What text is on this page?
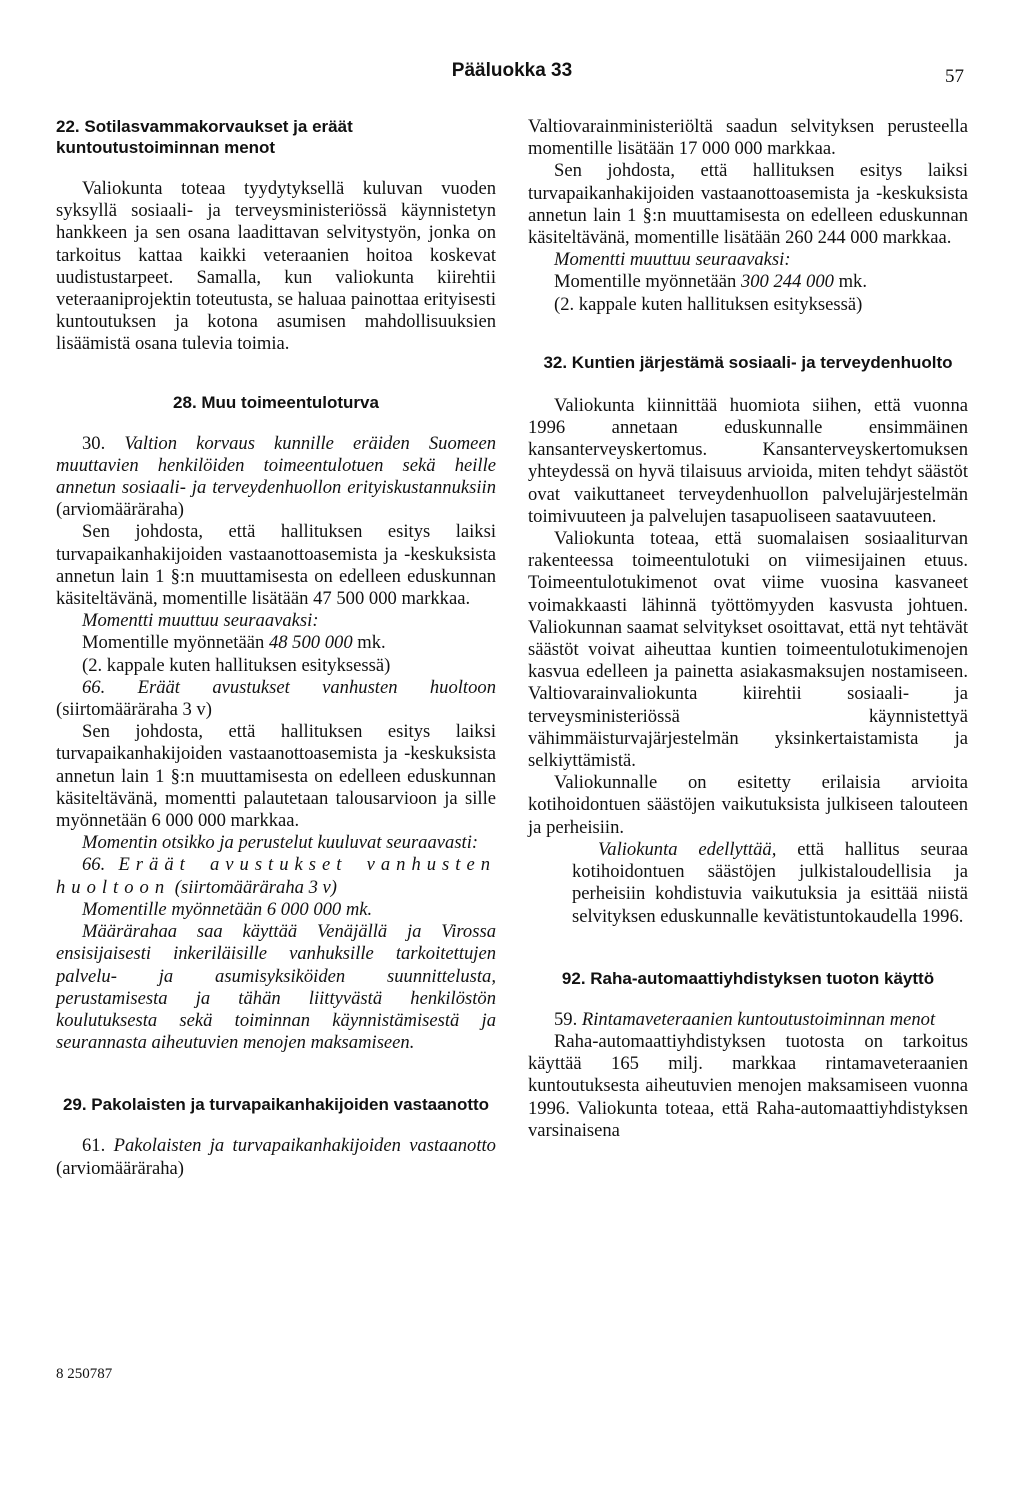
Pääluokka 33	57
22. Sotilasvammakorvaukset ja eräät kuntoutustoiminnan menot

Valiokunta toteaa tyydytyksellä kuluvan vuoden syksyllä sosiaali- ja terveysministeriössä käynnistetyn hankkeen ja sen osana laadittavan selvitystyön, jonka on tarkoitus kattaa kaikki veteraanien hoitoa koskevat uudistustarpeet. Samalla, kun valiokunta kiirehtii veteraaniprojektin toteutusta, se haluaa painottaa erityisesti kuntoutuksen ja kotona asumisen mahdollisuuksien lisäämistä osana tulevia toimia.

28. Muu toimeentuloturva

30. Valtion korvaus kunnille eräiden Suomeen muuttavien henkilöiden toimeentulotuen sekä heille annetun sosiaali- ja terveydenhuollon erityiskustannuksiin (arviomääräraha)

Sen johdosta, että hallituksen esitys laiksi turvapaikanhakijoiden vastaanottoasemista ja -keskuksista annetun lain 1 §:n muuttamisesta on edelleen eduskunnan käsiteltävänä, momentille lisätään 47 500 000 markkaa.

Momentti muuttuu seuraavaksi:

Momentille myönnetään 48 500 000 mk.

(2. kappale kuten hallituksen esityksessä)

66. Eräät avustukset vanhusten huoltoon (siirtomääräraha 3 v)

Sen johdosta, että hallituksen esitys laiksi turvapaikanhakijoiden vastaanottoasemista ja -keskuksista annetun lain 1 §:n muuttamisesta on edelleen eduskunnan käsiteltävänä, momentti palautetaan talousarvioon ja sille myönnetään 6 000 000 markkaa.

Momentin otsikko ja perustelut kuuluvat seuraavasti:

66. Eräät avustukset vanhusten huoltoon (siirtomääräraha 3 v)

Momentille myönnetään 6 000 000 mk.

Määrärahaa saa käyttää Venäjällä ja Virossa ensisijaisesti inkeriläisille vanhuksille tarkoitettujen palvelu- ja asumisyksiköiden suunnittelusta, perustamisesta ja tähän liittyvästä henkilöstön koulutuksesta sekä toiminnan käynnistämisestä ja seurannasta aiheutuvien menojen maksamiseen.

29. Pakolaisten ja turvapaikanhakijoiden vastaanotto

61. Pakolaisten ja turvapaikanhakijoiden vastaanotto (arviomääräraha)

Valtiovarainministeriöltä saadun selvityksen perusteella momentille lisätään 17 000 000 markkaa.

Sen johdosta, että hallituksen esitys laiksi turvapaikanhakijoiden vastaanottoasemista ja -keskuksista annetun lain 1 §:n muuttamisesta on edelleen eduskunnan käsiteltävänä, momentille lisätään 260 244 000 markkaa.

Momentti muuttuu seuraavaksi:

Momentille myönnetään 300 244 000 mk.

(2. kappale kuten hallituksen esityksessä)

32. Kuntien järjestämä sosiaali- ja terveydenhuolto

Valiokunta kiinnittää huomiota siihen, että vuonna 1996 annetaan eduskunnalle ensimmäinen kansanterveyskertomus. Kansanterveyskertomuksen yhteydessä on hyvä tilaisuus arvioida, miten tehdyt säästöt ovat vaikuttaneet terveydenhuollon palvelujärjestelmän toimivuuteen ja palvelujen tasapuoliseen saatavuuteen.

Valiokunta toteaa, että suomalaisen sosiaaliturvan rakenteessa toimeentulotuki on viimesijainen etuus. Toimeentulotukimenot ovat viime vuosina kasvaneet voimakkaasti lähinnä työttömyyden kasvusta johtuen. Valiokunnan saamat selvitykset osoittavat, että nyt tehtävät säästöt voivat aiheuttaa kuntien toimeentulotukimenojen kasvua edelleen ja painetta asiakasmaksujen nostamiseen. Valtiovarainvaliokunta kiirehtii sosiaali- ja terveysministeriössä käynnistettyä vähimmäisturvajärjestelmän yksinkertaistamista ja selkiyttämistä.

Valiokunnalle on esitetty erilaisia arvioita kotihoidontuen säästöjen vaikutuksista julkiseen talouteen ja perheisiin.

Valiokunta edellyttää, että hallitus seuraa kotihoidontuen säästöjen julkistaloudellisia ja perheisiin kohdistuvia vaikutuksia ja esittää niistä selvityksen eduskunnalle kevätistuntokaudella 1996.

92. Raha-automaattiyhdistyksen tuoton käyttö

59. Rintamaveteraanien kuntoutustoiminnan menot

Raha-automaattiyhdistyksen tuotosta on tarkoitus käyttää 165 milj. markkaa rintamaveteraanien kuntoutuksesta aiheutuvien menojen maksamiseen vuonna 1996. Valiokunta toteaa, että Raha-automaattiyhdistyksen varsinaisena

8 250787
